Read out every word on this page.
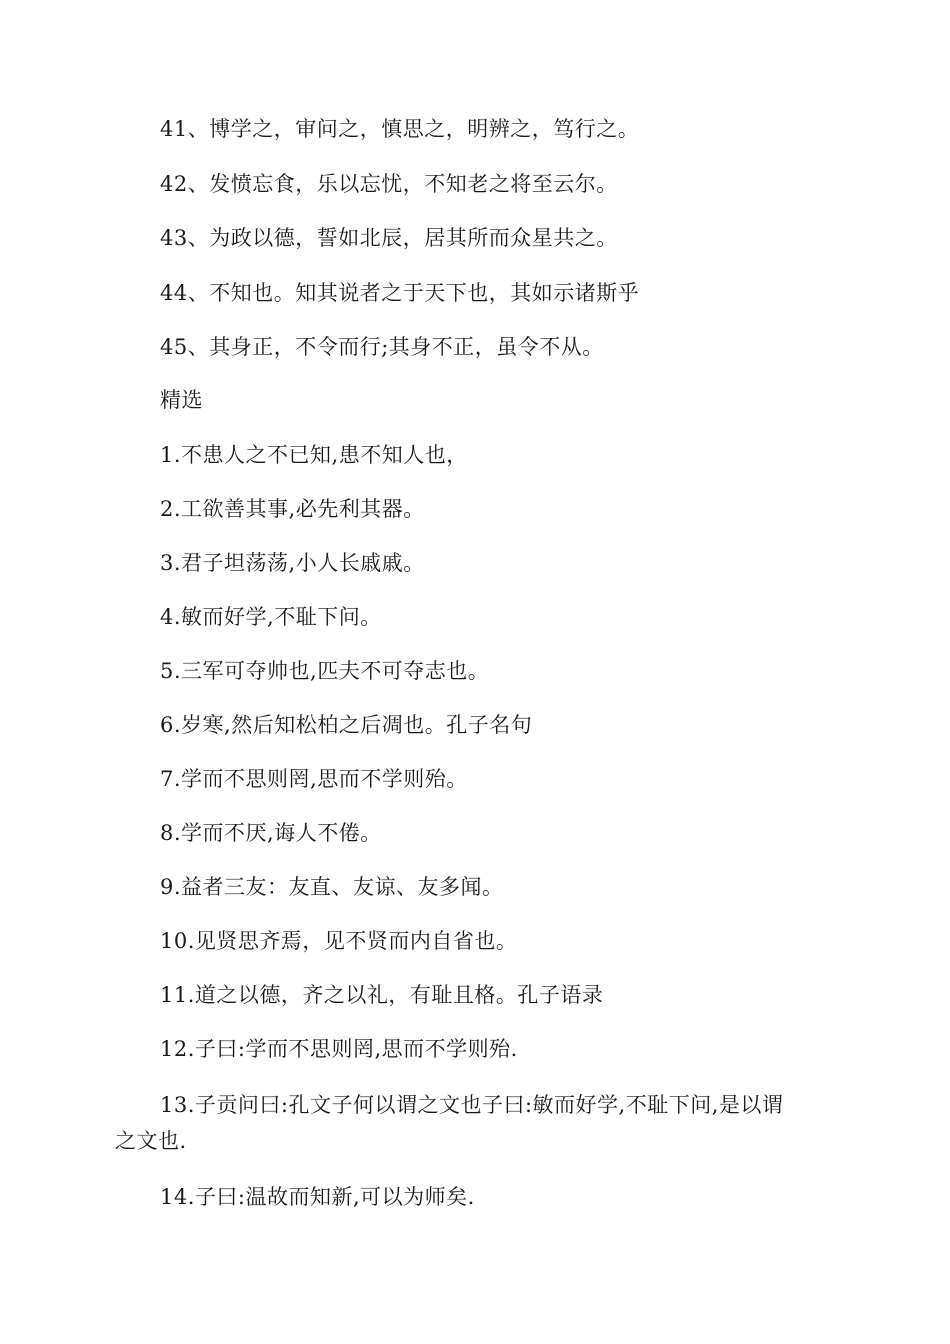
41、博学之，审问之，慎思之，明辨之，笃行之。
42、发愤忘食，乐以忘忧，不知老之将至云尔。
43、为政以德，誓如北辰，居其所而众星共之。
44、不知也。知其说者之于天下也，其如示诸斯乎
45、其身正，不令而行;其身不正，虽令不从。
精选
1.不患人之不已知,患不知人也，
2.工欲善其事,必先利其器。
3.君子坦荡荡,小人长戚戚。
4.敏而好学,不耻下问。
5.三军可夺帅也,匹夫不可夺志也。
6.岁寒,然后知松柏之后凋也。孔子名句
7.学而不思则罔,思而不学则殆。
8.学而不厌,诲人不倦。
9.益者三友：友直、友谅、友多闻。
10.见贤思齐焉，见不贤而内自省也。
11.道之以德，齐之以礼，有耻且格。孔子语录
12.子曰:学而不思则罔,思而不学则殆.
13.子贡问曰:孔文子何以谓之文也子曰:敏而好学,不耻下问,是以谓
之文也.
14.子曰:温故而知新,可以为师矣.
